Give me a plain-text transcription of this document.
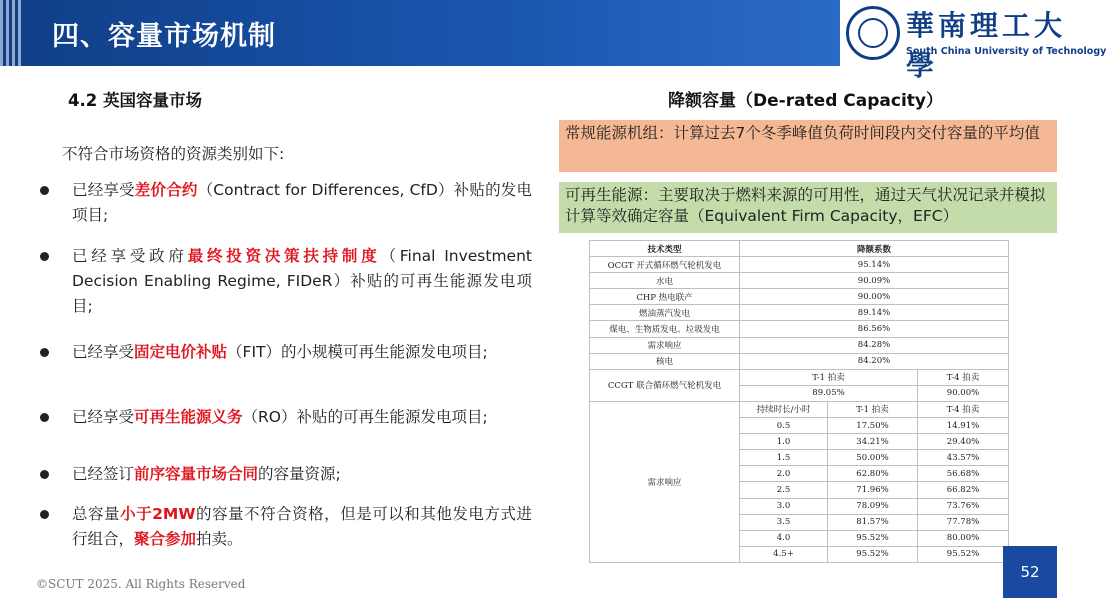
四、容量市场机制	華南理工大學
South China University of Technology
4.2 英国容量市场
不符合市场资格的资源类别如下:
已经享受差价合约（Contract for Differences, CfD）补贴的发电项目;
已经享受政府最终投资决策扶持制度（Final Investment Decision Enabling Regime, FIDeR）补贴的可再生能源发电项目;
已经享受固定电价补贴（FIT）的小规模可再生能源发电项目;
已经享受可再生能源义务（RO）补贴的可再生能源发电项目;
已经签订前序容量市场合同的容量资源;
总容量小于2MW的容量不符合资格，但是可以和其他发电方式进行组合，聚合参加拍卖。
降额容量（De-rated Capacity）
常规能源机组：计算过去7个冬季峰值负荷时间段内交付容量的平均值
可再生能源：主要取决于燃料来源的可用性，通过天气状况记录并模拟计算等效确定容量（Equivalent Firm Capacity，EFC）
技术类型	降额系数		
OCGT 开式循环燃气轮机发电	95.14%		
水电	90.09%		
CHP 热电联产	90.00%		
燃油蒸汽发电	89.14%		
煤电、生物质发电、垃圾发电	86.56%		
需求响应	84.28%		
核电	84.20%		
CCGT 联合循环燃气轮机发电	T-1 拍卖		T-4 拍卖
	89.05%		90.00%
需求响应	持续时长/小时	T-1 拍卖	T-4 拍卖
	0.5	17.50%	14.91%
	1.0	34.21%	29.40%
	1.5	50.00%	43.57%
	2.0	62.80%	56.68%
	2.5	71.96%	66.82%
	3.0	78.09%	73.76%
	3.5	81.57%	77.78%
	4.0	95.52%	80.00%
	4.5+	95.52%	95.52%
©SCUT 2025. All Rights Reserved
52
